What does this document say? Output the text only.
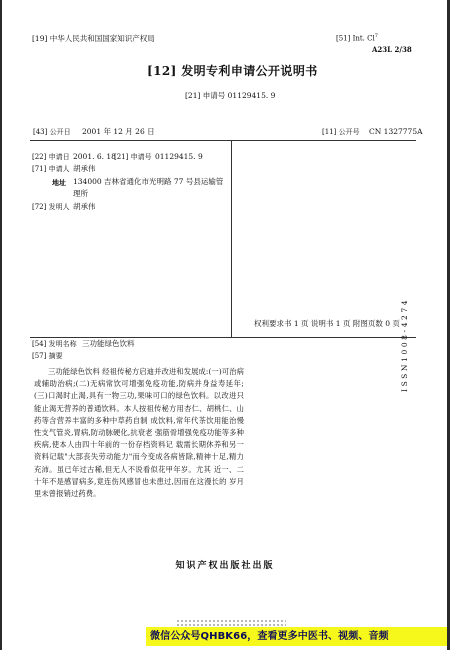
[19] 中华人民共和国国家知识产权局	[51] Int. Cl$^7$
A23L 2/38
[12] 发明专利申请公开说明书
[21] 申请号 01129415. 9
[43] 公开日 2001 年 12 月 26 日	[11] 公开号 CN 1327775A
[22] 申请日 2001. 6. 18
[21] 申请号 01129415. 9
[71] 申请人 胡承伟
地址 134000 吉林省通化市光明路 77 号县运输管
理所
[72] 发明人 胡承伟
权利要求书 1 页 说明书 1 页 附图页数 0 页
[54] 发明名称 三功能绿色饮料
[57] 摘要
三功能绿色饮料 经祖传秘方启迪并改进和发展成:(一)可治病或辅助治病;(二)无病常饮可增强免疫功能,防病并身益寿延年;(三)口渴时止渴,具有一物三功,果味可口的绿色饮料。以改进只能止渴无营养的普通饮料。本人按祖传秘方用杏仁、胡桃仁、山药等含营养丰富的多种中草药自制 成饮料,常年代茶饮用能治慢性支气管炎,胃病,防动脉硬化,抗衰老 强筋骨增强免疫功能等多种疾病,使本人由四十年前的一份存档资料记 载需长期休养和另一资料记载"大部丧失劳动能力"而今变成各病皆除,精神十足,精力充沛。虽已年过古稀,但无人不说看似花甲年岁。尤其 近一、二十年不是感冒病多,竟连伤风感冒也未患过,因而在这漫长的 岁月里未曾报销过药费。
ISSN1008-4274
知识产权出版社出版
微信公众号QHBK66，查看更多中医书、视频、音频
